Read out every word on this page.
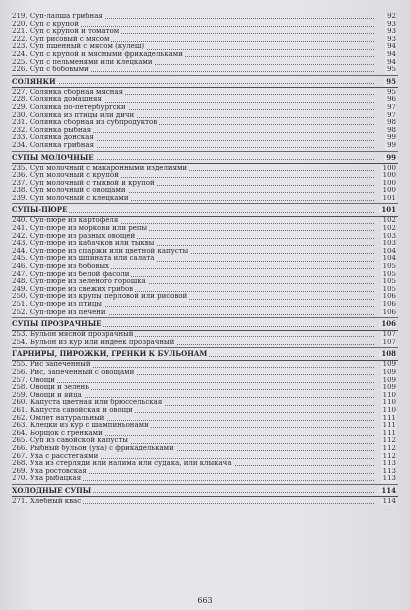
219. Суп-лапша грибная	92
220. Суп с крупой	93
221. Суп с крупой и томатом	93
222. Суп рисовый с мясом	93
223. Суп пшенный с мясом (кулеш)	94
224. Суп с крупой и мясными фрикадельками	94
225. Суп с пельменями или клецками	94
226. Суп с бобовыми	95
СОЛЯНКИ	95
227. Солянка сборная мясная	95
228. Солянка домашняя	96
229. Солянка по-петербургски	97
230. Солянка из птицы или дичи	97
231. Солянка сборная из субпродуктов	98
232. Солянка рыбная	98
233. Солянка донская	99
234. Солянка грибная	99
СУПЫ МОЛОЧНЫЕ	99
235. Суп молочный с макаронными изделиями	100
236. Суп молочный с крупой	100
237. Суп молочный с тыквой и крупой	100
238. Суп молочный с овощами	100
239. Суп молочный с клецками	101
СУПЫ-ПЮРЕ	101
240. Суп-пюре из картофеля	102
241. Суп-пюре из моркови или репы	102
242. Суп-пюре из разных овощей	103
243. Суп-пюре из кабачков или тыквы	103
244. Суп-пюре из спаржи или цветной капусты	104
245. Суп-пюре из шпината или салата	104
246. Суп-пюре из бобовых	105
247. Суп-пюре из белой фасоли	105
248. Суп-пюре из зеленого горошка	105
249. Суп-пюре из свежих грибов	105
250. Суп-пюре из крупы перловой или рисовой	106
251. Суп-пюре из птицы	106
252. Суп-пюре из печени	106
СУПЫ ПРОЗРАЧНЫЕ	106
253. Бульон мясной прозрачный	107
254. Бульон из кур или индеек прозрачный	107
ГАРНИРЫ, ПИРОЖКИ, ГРЕНКИ К БУЛЬОНАМ	108
255. Рис запеченный	109
256. Рис, запеченный с овощами	109
257. Овощи	109
258. Овощи и зелень	109
259. Овощи и яйца	110
260. Капуста цветная или брюссельская	110
261. Капуста савойская и овощи	110
262. Омлет натуральный	111
263. Клецки из кур с шампиньонами	111
264. Борщок с гренками	111
265. Суп из савойской капусты	112
266. Рыбный бульон (уха) с фрикадельками	112
267. Уха с расстегаями	112
268. Уха из стерляди или налима или судака, или клыкача	113
269. Уха ростовская	113
270. Уха рыбацкая	113
ХОЛОДНЫЕ СУПЫ	114
271. Хлебный квас	114
663
